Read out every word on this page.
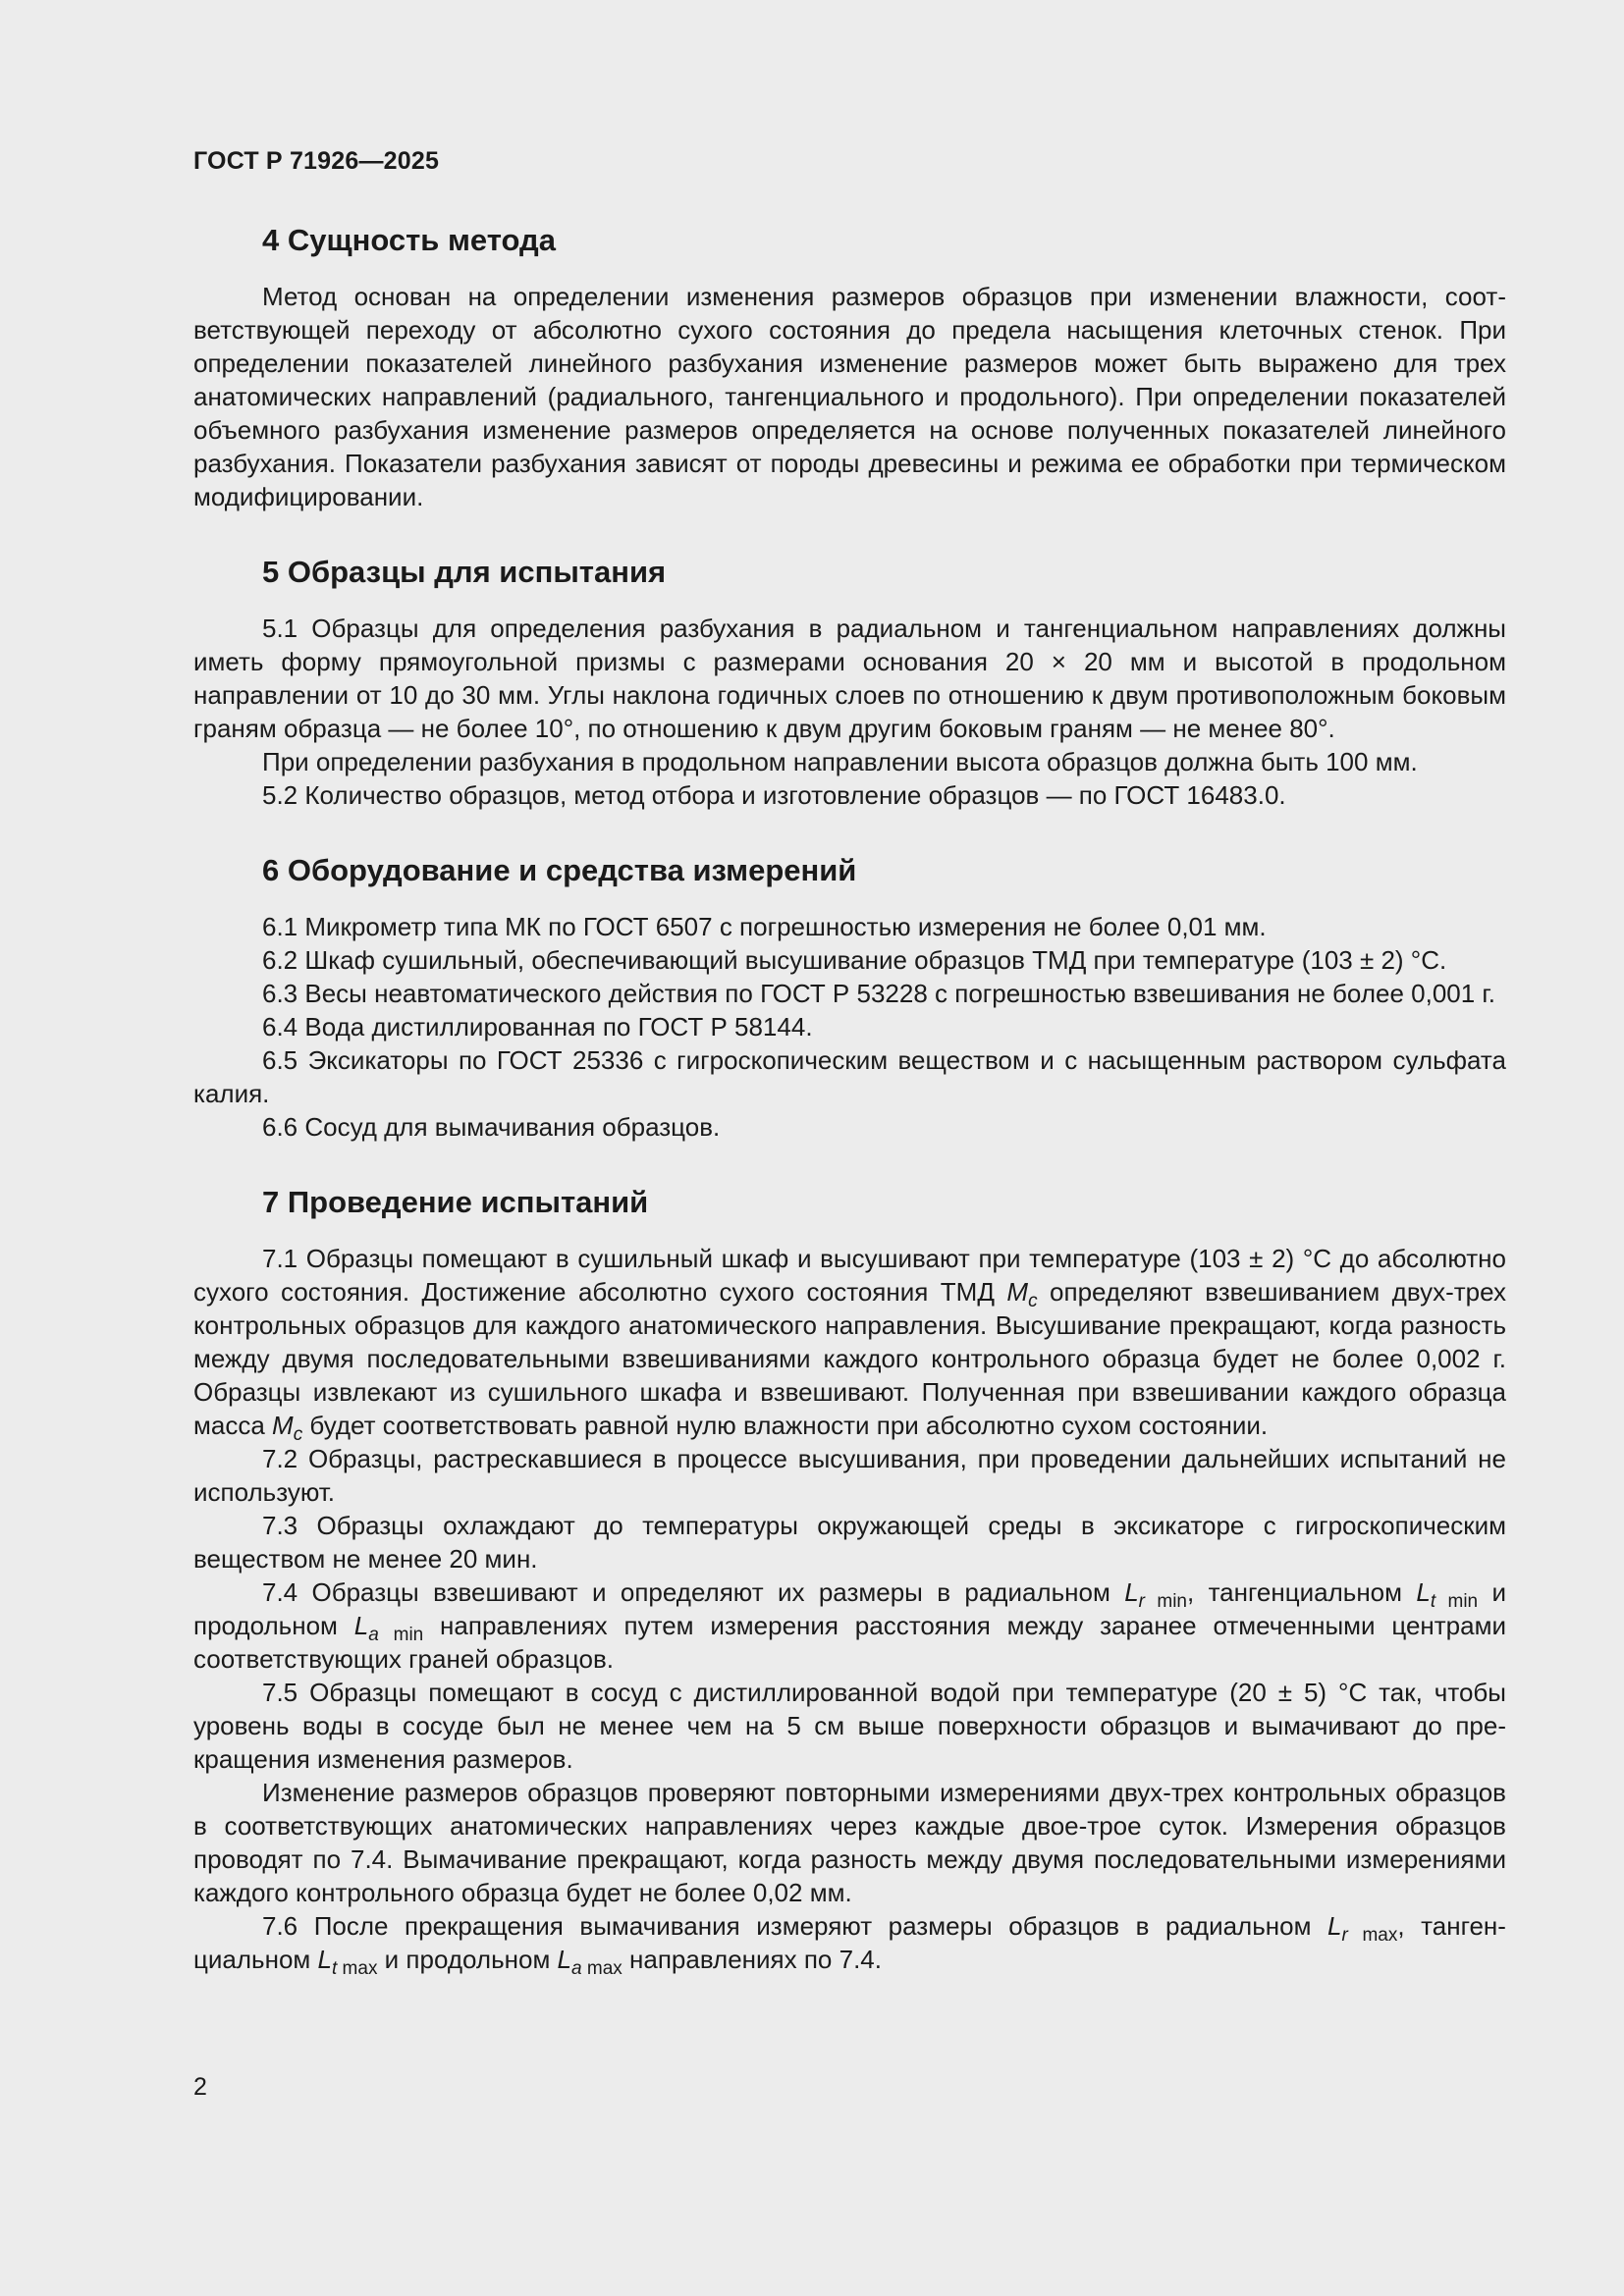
ГОСТ Р 71926—2025
4 Сущность метода

Метод основан на определении изменения размеров образцов при изменении влажности, соответствующей переходу от абсолютно сухого состояния до предела насыщения клеточных стенок. При определении показателей линейного разбухания изменение размеров может быть выражено для трех анатомических направлений (радиального, тангенциального и продольного). При определении показателей объемного разбухания изменение размеров определяется на основе полученных показателей линейного разбухания. Показатели разбухания зависят от породы древесины и режима ее обработки при термическом модифицировании.

5 Образцы для испытания

5.1 Образцы для определения разбухания в радиальном и тангенциальном направлениях должны иметь форму прямоугольной призмы с размерами основания 20 × 20 мм и высотой в продольном направлении от 10 до 30 мм. Углы наклона годичных слоев по отношению к двум противоположным боковым граням образца — не более 10°, по отношению к двум другим боковым граням — не менее 80°.

При определении разбухания в продольном направлении высота образцов должна быть 100 мм.

5.2 Количество образцов, метод отбора и изготовление образцов — по ГОСТ 16483.0.

6 Оборудование и средства измерений

6.1 Микрометр типа МК по ГОСТ 6507 с погрешностью измерения не более 0,01 мм.

6.2 Шкаф сушильный, обеспечивающий высушивание образцов ТМД при температуре (103 ± 2) °С.

6.3 Весы неавтоматического действия по ГОСТ Р 53228 с погрешностью взвешивания не более 0,001 г.

6.4 Вода дистиллированная по ГОСТ Р 58144.

6.5 Эксикаторы по ГОСТ 25336 с гигроскопическим веществом и с насыщенным раствором сульфата калия.

6.6 Сосуд для вымачивания образцов.

7 Проведение испытаний

7.1 Образцы помещают в сушильный шкаф и высушивают при температуре (103 ± 2) °С до абсолютно сухого состояния. Достижение абсолютно сухого состояния ТМД $M_с$ определяют взвешиванием двух-трех контрольных образцов для каждого анатомического направления. Высушивание прекращают, когда разность между двумя последовательными взвешиваниями каждого контрольного образца будет не более 0,002 г. Образцы извлекают из сушильного шкафа и взвешивают. Полученная при взвешивании каждого образца масса $M_с$ будет соответствовать равной нулю влажности при абсолютно сухом состоянии.

7.2 Образцы, растрескавшиеся в процессе высушивания, при проведении дальнейших испытаний не используют.

7.3 Образцы охлаждают до температуры окружающей среды в эксикаторе с гигроскопическим веществом не менее 20 мин.

7.4 Образцы взвешивают и определяют их размеры в радиальном $L_{r min}$, тангенциальном $L_{t min}$ и продольном $L_{a min}$ направлениях путем измерения расстояния между заранее отмеченными центрами соответствующих граней образцов.

7.5 Образцы помещают в сосуд с дистиллированной водой при температуре (20 ± 5) °С так, чтобы уровень воды в сосуде был не менее чем на 5 см выше поверхности образцов и вымачивают до прекращения изменения размеров.

Изменение размеров образцов проверяют повторными измерениями двух-трех контрольных образцов в соответствующих анатомических направлениях через каждые двое-трое суток. Измерения образцов проводят по 7.4. Вымачивание прекращают, когда разность между двумя последовательными измерениями каждого контрольного образца будет не более 0,02 мм.

7.6 После прекращения вымачивания измеряют размеры образцов в радиальном $L_{r max}$, тангенциальном $L_{t max}$ и продольном $L_{a max}$ направлениях по 7.4.

2
